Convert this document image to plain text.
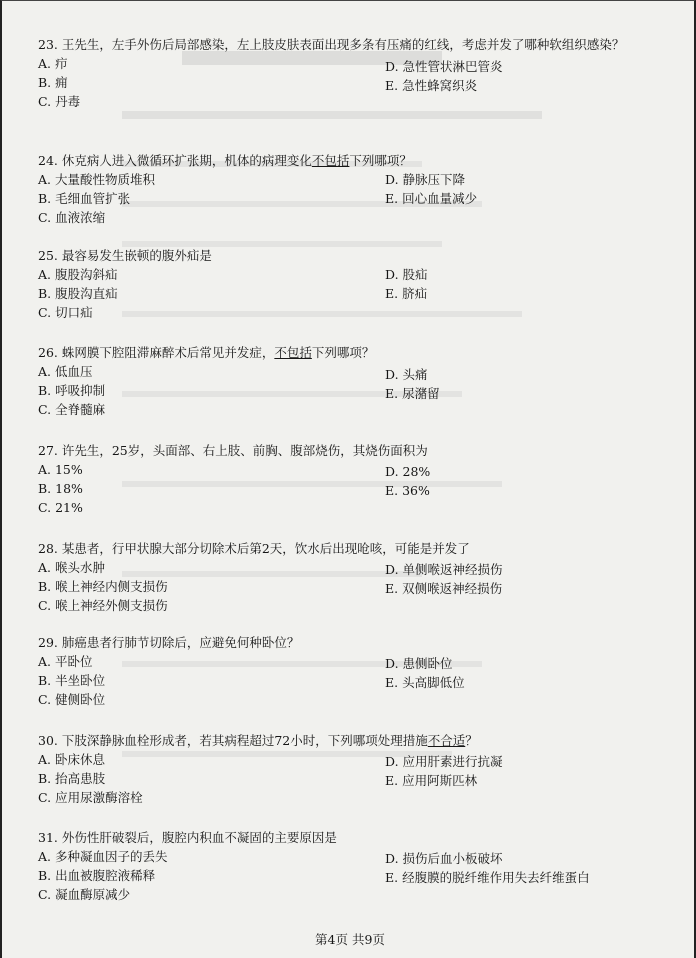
23. 王先生，左手外伤后局部感染，左上肢皮肤表面出现多条有压痛的红线，考虑并发了哪种软组织感染？

A. 疖
B. 痈
C. 丹毒
D. 急性管状淋巴管炎
E. 急性蜂窝织炎

24. 休克病人进入微循环扩张期，机体的病理变化不包括下列哪项？

A. 大量酸性物质堆积
B. 毛细血管扩张
C. 血液浓缩
D. 静脉压下降
E. 回心血量减少

25. 最容易发生嵌顿的腹外疝是

A. 腹股沟斜疝
B. 腹股沟直疝
C. 切口疝
D. 股疝
E. 脐疝

26. 蛛网膜下腔阻滞麻醉术后常见并发症，不包括下列哪项？

A. 低血压
B. 呼吸抑制
C. 全脊髓麻
D. 头痛
E. 尿潴留

27. 许先生，25岁，头面部、右上肢、前胸、腹部烧伤，其烧伤面积为

A. 15%
B. 18%
C. 21%
D. 28%
E. 36%

28. 某患者，行甲状腺大部分切除术后第2天，饮水后出现呛咳，可能是并发了

A. 喉头水肿
B. 喉上神经内侧支损伤
C. 喉上神经外侧支损伤
D. 单侧喉返神经损伤
E. 双侧喉返神经损伤

29. 肺癌患者行肺节切除后，应避免何种卧位？

A. 平卧位
B. 半坐卧位
C. 健侧卧位
D. 患侧卧位
E. 头高脚低位

30. 下肢深静脉血栓形成者，若其病程超过72小时，下列哪项处理措施不合适？

A. 卧床休息
B. 抬高患肢
C. 应用尿激酶溶栓
D. 应用肝素进行抗凝
E. 应用阿斯匹林

31. 外伤性肝破裂后，腹腔内积血不凝固的主要原因是

A. 多种凝血因子的丢失
B. 出血被腹腔液稀释
C. 凝血酶原减少
D. 损伤后血小板破坏
E. 经腹膜的脱纤维作用失去纤维蛋白
第4页 共9页
